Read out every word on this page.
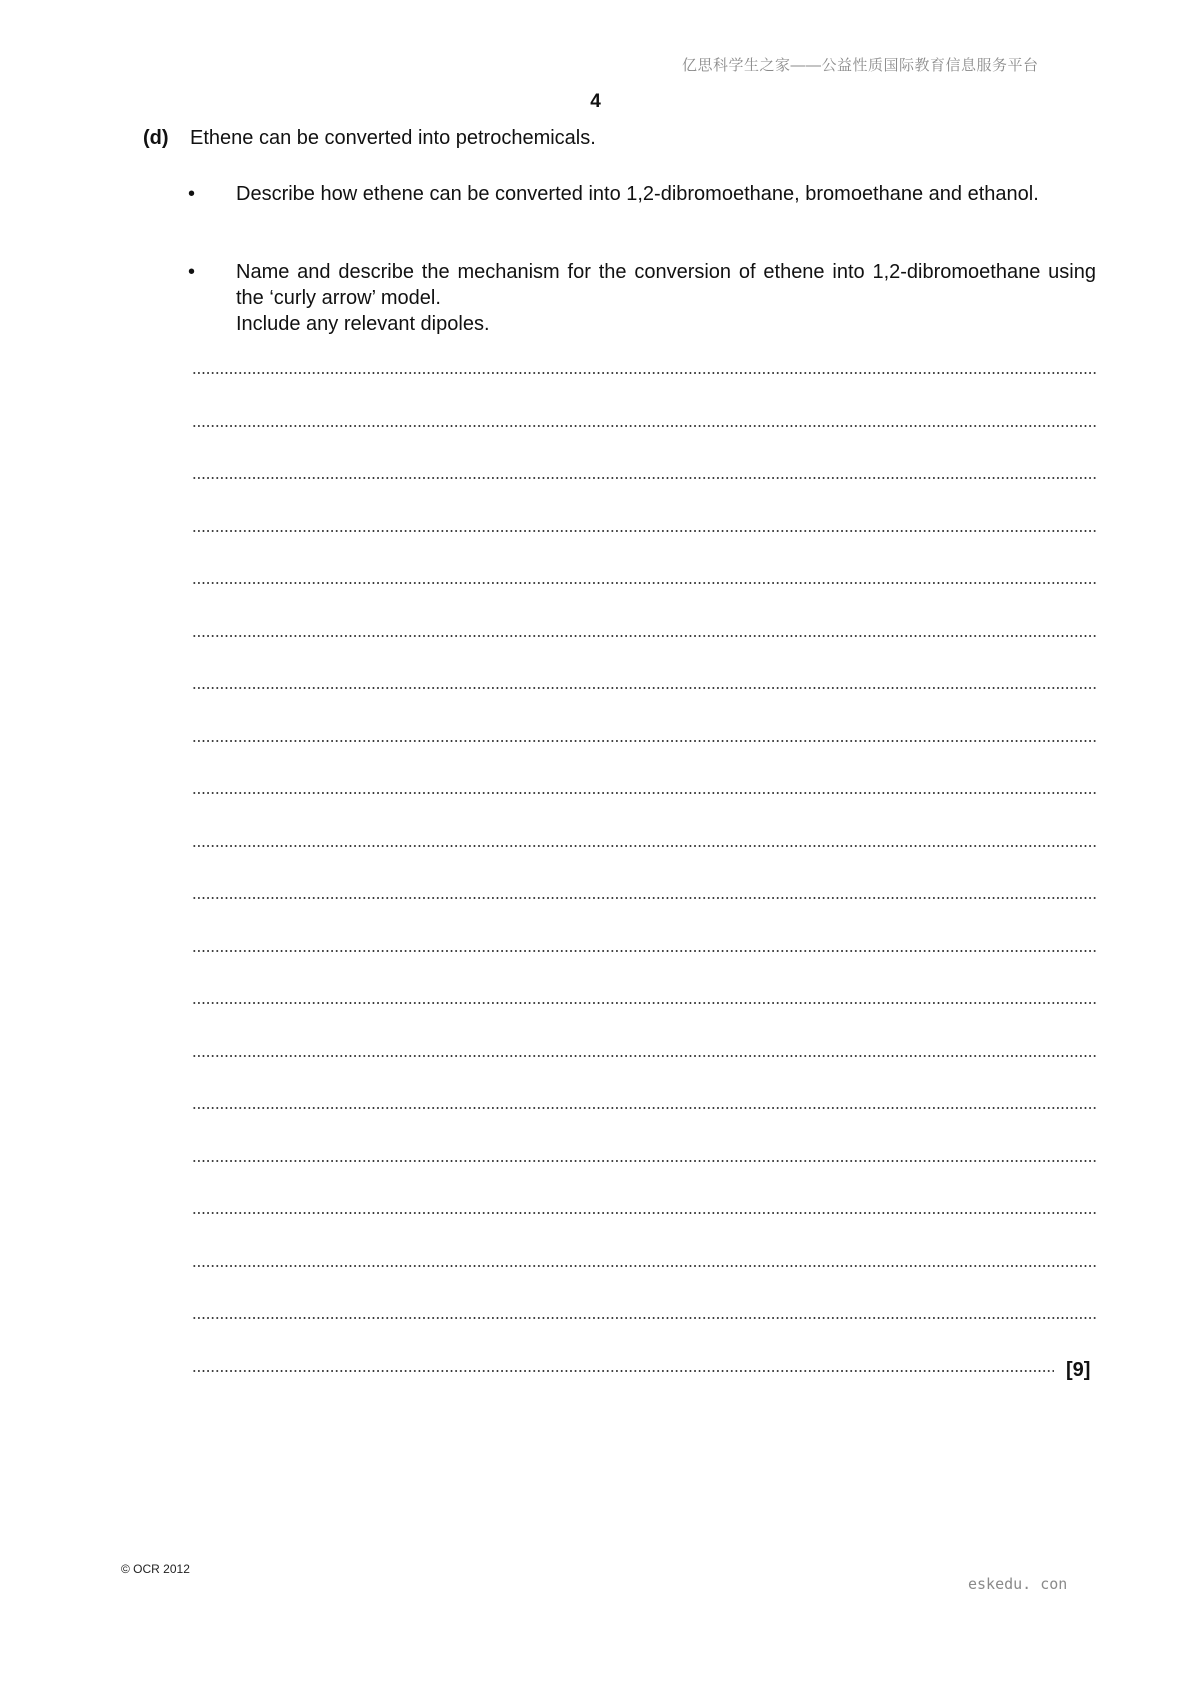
亿思科学生之家——公益性质国际教育信息服务平台
4
(d) Ethene can be converted into petrochemicals.
• Describe how ethene can be converted into 1,2-dibromoethane, bromoethane and ethanol.
• Name and describe the mechanism for the conversion of ethene into 1,2-dibromoethane using the ‘curly arrow’ model.
Include any relevant dipoles.
[9]
© OCR 2012
eskedu. con
